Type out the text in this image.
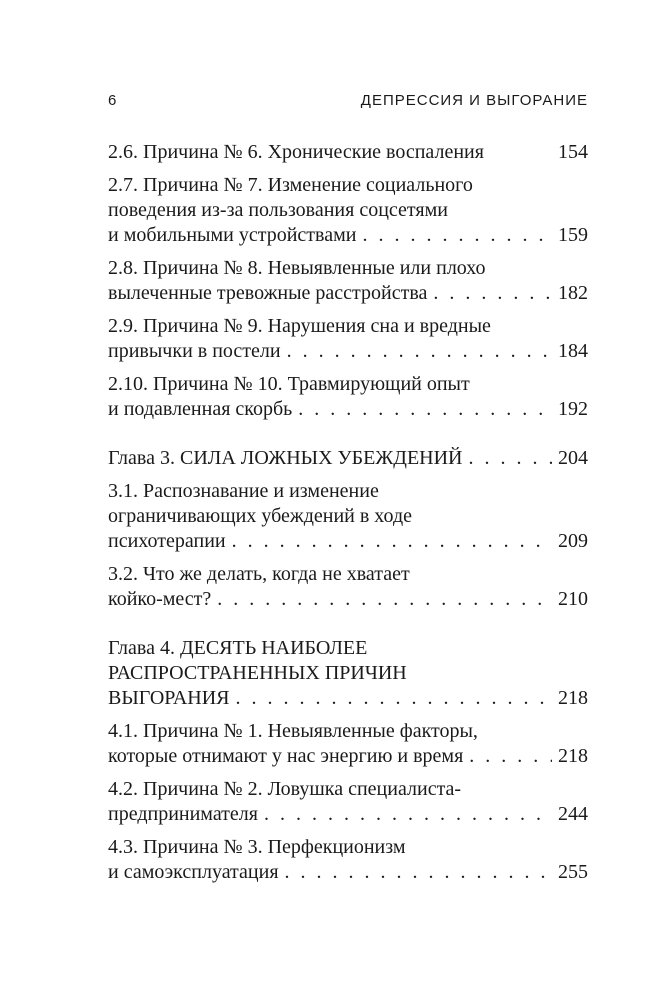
6	ДЕПРЕССИЯ И ВЫГОРАНИЕ
2.6. Причина № 6. Хронические воспаления	154
2.7. Причина № 7. Изменение социального
поведения из-за пользования соцсетями
и мобильными устройствами . . .	159
2.8. Причина № 8. Невыявленные или плохо
вылеченные тревожные расстройства . . .	182
2.9. Причина № 9. Нарушения сна и вредные
привычки в постели . . .	184
2.10. Причина № 10. Травмирующий опыт
и подавленная скорбь . . .	192
Глава 3. СИЛА ЛОЖНЫХ УБЕЖДЕНИЙ . . .	204
3.1. Распознавание и изменение
ограничивающих убеждений в ходе
психотерапии . . .	209
3.2. Что же делать, когда не хватает
койко-мест? . . .	210
Глава 4. ДЕСЯТЬ НАИБОЛЕЕ
РАСПРОСТРАНЕННЫХ ПРИЧИН
ВЫГОРАНИЯ . . .	218
4.1. Причина № 1. Невыявленные факторы,
которые отнимают у нас энергию и время . . .	218
4.2. Причина № 2. Ловушка специалиста-
предпринимателя . . .	244
4.3. Причина № 3. Перфекционизм
и самоэксплуатация . . .	255
